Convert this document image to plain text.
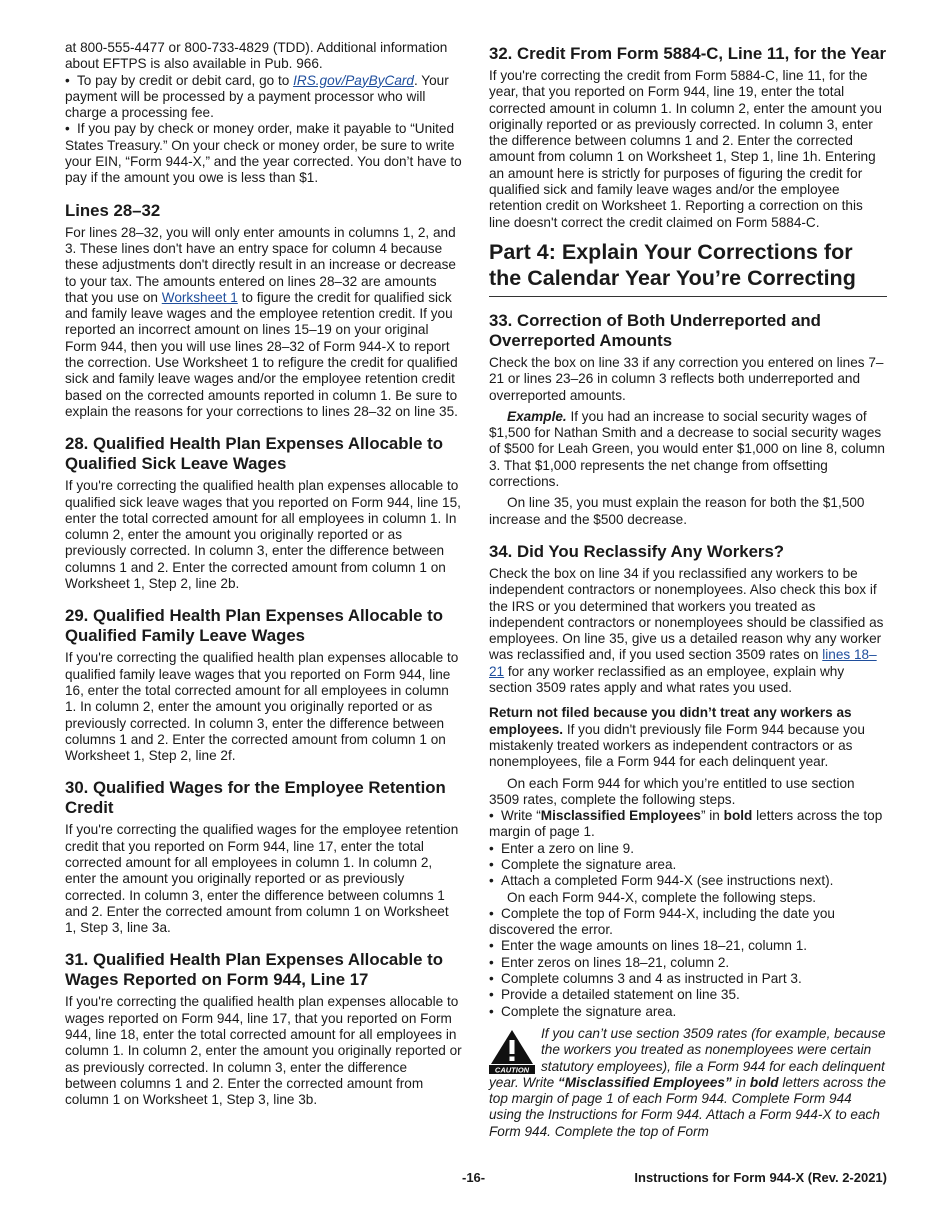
at 800-555-4477 or 800-733-4829 (TDD). Additional information about EFTPS is also available in Pub. 966.

• To pay by credit or debit card, go to IRS.gov/PayByCard. Your payment will be processed by a payment processor who will charge a processing fee.

• If you pay by check or money order, make it payable to “United States Treasury.” On your check or money order, be sure to write your EIN, “Form 944-X,” and the year corrected. You don’t have to pay if the amount you owe is less than $1.

Lines 28–32

For lines 28–32, you will only enter amounts in columns 1, 2, and 3. These lines don't have an entry space for column 4 because these adjustments don't directly result in an increase or decrease to your tax. The amounts entered on lines 28–32 are amounts that you use on Worksheet 1 to figure the credit for qualified sick and family leave wages and the employee retention credit. If you reported an incorrect amount on lines 15–19 on your original Form 944, then you will use lines 28–32 of Form 944-X to report the correction. Use Worksheet 1 to refigure the credit for qualified sick and family leave wages and/or the employee retention credit based on the corrected amounts reported in column 1. Be sure to explain the reasons for your corrections to lines 28–32 on line 35.

28. Qualified Health Plan Expenses Allocable to Qualified Sick Leave Wages

If you're correcting the qualified health plan expenses allocable to qualified sick leave wages that you reported on Form 944, line 15, enter the total corrected amount for all employees in column 1. In column 2, enter the amount you originally reported or as previously corrected. In column 3, enter the difference between columns 1 and 2. Enter the corrected amount from column 1 on Worksheet 1, Step 2, line 2b.

29. Qualified Health Plan Expenses Allocable to Qualified Family Leave Wages

If you're correcting the qualified health plan expenses allocable to qualified family leave wages that you reported on Form 944, line 16, enter the total corrected amount for all employees in column 1. In column 2, enter the amount you originally reported or as previously corrected. In column 3, enter the difference between columns 1 and 2. Enter the corrected amount from column 1 on Worksheet 1, Step 2, line 2f.

30. Qualified Wages for the Employee Retention Credit

If you're correcting the qualified wages for the employee retention credit that you reported on Form 944, line 17, enter the total corrected amount for all employees in column 1. In column 2, enter the amount you originally reported or as previously corrected. In column 3, enter the difference between columns 1 and 2. Enter the corrected amount from column 1 on Worksheet 1, Step 3, line 3a.

31. Qualified Health Plan Expenses Allocable to Wages Reported on Form 944, Line 17

If you're correcting the qualified health plan expenses allocable to wages reported on Form 944, line 17, that you reported on Form 944, line 18, enter the total corrected amount for all employees in column 1. In column 2, enter the amount you originally reported or as previously corrected. In column 3, enter the difference between columns 1 and 2. Enter the corrected amount from column 1 on Worksheet 1, Step 3, line 3b.

32. Credit From Form 5884-C, Line 11, for the Year

If you're correcting the credit from Form 5884-C, line 11, for the year, that you reported on Form 944, line 19, enter the total corrected amount in column 1. In column 2, enter the amount you originally reported or as previously corrected. In column 3, enter the difference between columns 1 and 2. Enter the corrected amount from column 1 on Worksheet 1, Step 1, line 1h. Entering an amount here is strictly for purposes of figuring the credit for qualified sick and family leave wages and/or the employee retention credit on Worksheet 1. Reporting a correction on this line doesn't correct the credit claimed on Form 5884-C.

Part 4: Explain Your Corrections for the Calendar Year You’re Correcting
33. Correction of Both Underreported and Overreported Amounts

Check the box on line 33 if any correction you entered on lines 7–21 or lines 23–26 in column 3 reflects both underreported and overreported amounts.

Example. If you had an increase to social security wages of $1,500 for Nathan Smith and a decrease to social security wages of $500 for Leah Green, you would enter $1,000 on line 8, column 3. That $1,000 represents the net change from offsetting corrections.

On line 35, you must explain the reason for both the $1,500 increase and the $500 decrease.

34. Did You Reclassify Any Workers?

Check the box on line 34 if you reclassified any workers to be independent contractors or nonemployees. Also check this box if the IRS or you determined that workers you treated as independent contractors or nonemployees should be classified as employees. On line 35, give us a detailed reason why any worker was reclassified and, if you used section 3509 rates on lines 18–21 for any worker reclassified as an employee, explain why section 3509 rates apply and what rates you used.

Return not filed because you didn’t treat any workers as employees. If you didn't previously file Form 944 because you mistakenly treated workers as independent contractors or as nonemployees, file a Form 944 for each delinquent year.

On each Form 944 for which you’re entitled to use section 3509 rates, complete the following steps.

• Write “Misclassified Employees” in bold letters across the top margin of page 1.

• Enter a zero on line 9.

• Complete the signature area.

• Attach a completed Form 944-X (see instructions next).

On each Form 944-X, complete the following steps.

• Complete the top of Form 944-X, including the date you discovered the error.

• Enter the wage amounts on lines 18–21, column 1.

• Enter zeros on lines 18–21, column 2.

• Complete columns 3 and 4 as instructed in Part 3.

• Provide a detailed statement on line 35.

• Complete the signature area.

CAUTION
If you can’t use section 3509 rates (for example, because the workers you treated as nonemployees were certain statutory employees), file a Form 944 for each delinquent year. Write “Misclassified Employees” in bold letters across the top margin of page 1 of each Form 944. Complete Form 944 using the Instructions for Form 944. Attach a Form 944-X to each Form 944. Complete the top of Form
-16-	Instructions for Form 944-X (Rev. 2-2021)
